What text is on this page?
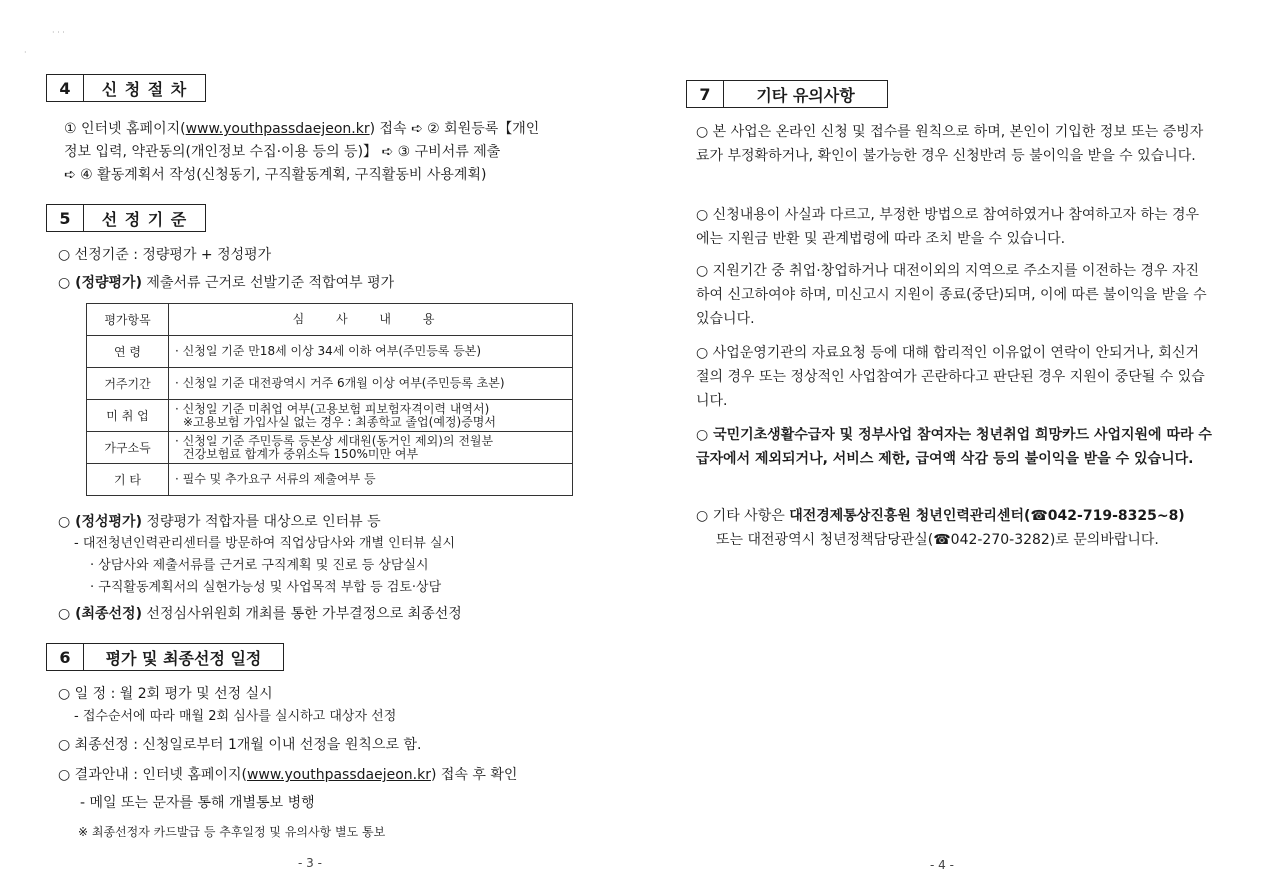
· · ·
·
4	신 청 절 차
① 인터넷 홈페이지(www.youthpassdaejeon.kr) 접속 ➪ ② 회원등록【개인
정보 입력, 약관동의(개인정보 수집·이용 등의 등)】 ➪ ③ 구비서류 제출
➪ ④ 활동계획서 작성(신청동기, 구직활동계획, 구직활동비 사용계획)
5	선 정 기 준
○ 선정기준 : 정량평가 + 정성평가
○ (정량평가) 제출서류 근거로 선발기준 적합여부 평가
평가항목	심 사 내 용
연 령	· 신청일 기준 만18세 이상 34세 이하 여부(주민등록 등본)
거주기간	· 신청일 기준 대전광역시 거주 6개월 이상 여부(주민등록 초본)
미 취 업	· 신청일 기준 미취업 여부(고용보험 피보험자격이력 내역서)
※고용보험 가입사실 없는 경우 : 최종학교 졸업(예정)증명서

가구소득	· 신청일 기준 주민등록 등본상 세대원(동거인 제외)의 전월분
건강보험료 합계가 중위소득 150%미만 여부

기 타	· 필수 및 추가요구 서류의 제출여부 등
○ (정성평가) 정량평가 적합자를 대상으로 인터뷰 등
- 대전청년인력관리센터를 방문하여 직업상담사와 개별 인터뷰 실시
· 상담사와 제출서류를 근거로 구직계획 및 진로 등 상담실시
· 구직활동계획서의 실현가능성 및 사업목적 부합 등 검토·상담
○ (최종선정) 선정심사위원회 개최를 통한 가부결정으로 최종선정
6	평가 및 최종선정 일정
○ 일 정 : 월 2회 평가 및 선정 실시
- 접수순서에 따라 매월 2회 심사를 실시하고 대상자 선정
○ 최종선정 : 신청일로부터 1개월 이내 선정을 원칙으로 함.
○ 결과안내 : 인터넷 홈페이지(www.youthpassdaejeon.kr) 접속 후 확인
- 메일 또는 문자를 통해 개별통보 병행
※ 최종선정자 카드발급 등 추후일정 및 유의사항 별도 통보
- 3 -
7	기타 유의사항
○ 본 사업은 온라인 신청 및 접수를 원칙으로 하며, 본인이 기입한 정보 또는 증빙자료가 부정확하거나, 확인이 불가능한 경우 신청반려 등 불이익을 받을 수 있습니다.
○ 신청내용이 사실과 다르고, 부정한 방법으로 참여하였거나 참여하고자 하는 경우에는 지원금 반환 및 관계법령에 따라 조치 받을 수 있습니다.
○ 지원기간 중 취업·창업하거나 대전이외의 지역으로 주소지를 이전하는 경우 자진하여 신고하여야 하며, 미신고시 지원이 종료(중단)되며, 이에 따른 불이익을 받을 수 있습니다.
○ 사업운영기관의 자료요청 등에 대해 합리적인 이유없이 연락이 안되거나, 회신거절의 경우 또는 정상적인 사업참여가 곤란하다고 판단된 경우 지원이 중단될 수 있습니다.
○ 국민기초생활수급자 및 정부사업 참여자는 청년취업 희망카드 사업지원에 따라 수급자에서 제외되거나, 서비스 제한, 급여액 삭감 등의 불이익을 받을 수 있습니다.
○ 기타 사항은 대전경제통상진흥원 청년인력관리센터(☎042-719-8325~8)
또는 대전광역시 청년정책담당관실(☎042-270-3282)로 문의바랍니다.
- 4 -
